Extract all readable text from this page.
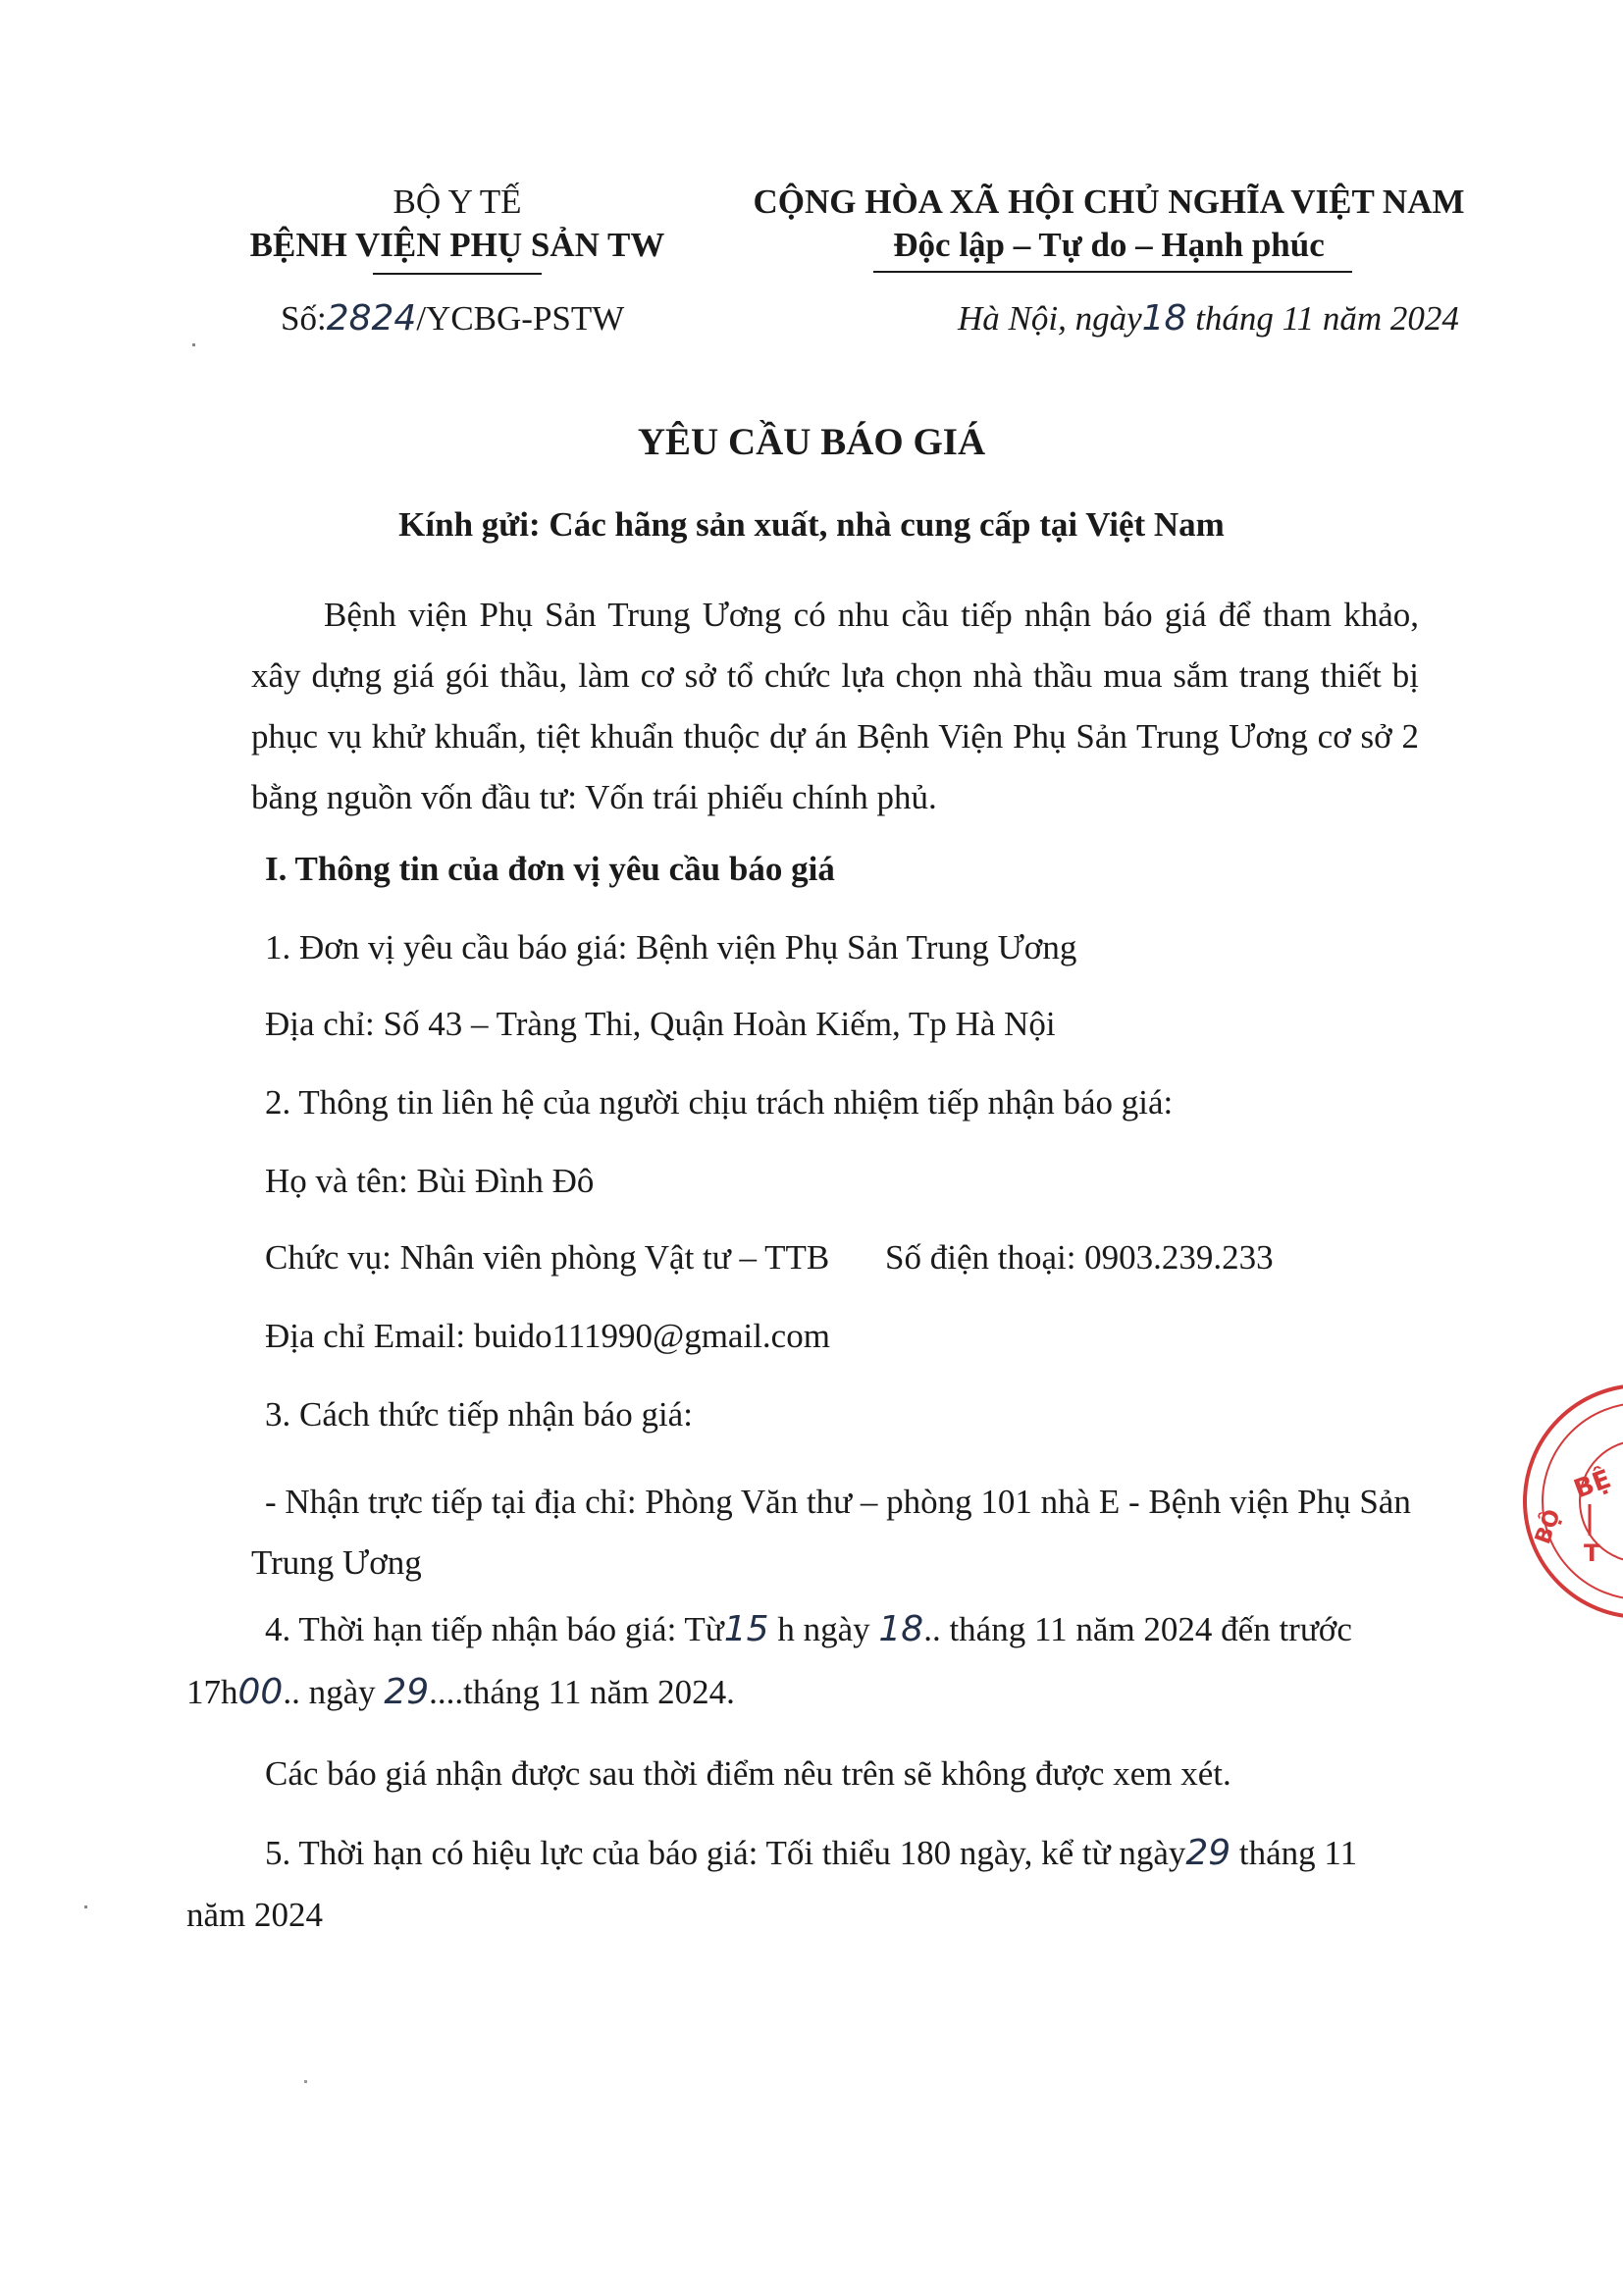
BỘ Y TẾ
BỆNH VIỆN PHỤ SẢN TW
Số:2824/YCBG-PSTW
CỘNG HÒA XÃ HỘI CHỦ NGHĨA VIỆT NAM
Độc lập – Tự do – Hạnh phúc
Hà Nội, ngày18 tháng 11 năm 2024
YÊU CẦU BÁO GIÁ
Kính gửi: Các hãng sản xuất, nhà cung cấp tại Việt Nam
Bệnh viện Phụ Sản Trung Ương có nhu cầu tiếp nhận báo giá để tham khảo, xây dựng giá gói thầu, làm cơ sở tổ chức lựa chọn nhà thầu mua sắm trang thiết bị phục vụ khử khuẩn, tiệt khuẩn thuộc dự án Bệnh Viện Phụ Sản Trung Ương cơ sở 2 bằng nguồn vốn đầu tư: Vốn trái phiếu chính phủ.
I. Thông tin của đơn vị yêu cầu báo giá
1. Đơn vị yêu cầu báo giá: Bệnh viện Phụ Sản Trung Ương
Địa chỉ: Số 43 – Tràng Thi, Quận Hoàn Kiếm, Tp Hà Nội
2. Thông tin liên hệ của người chịu trách nhiệm tiếp nhận báo giá:
Họ và tên: Bùi Đình Đô
Chức vụ: Nhân viên phòng Vật tư – TTB Số điện thoại: 0903.239.233
Địa chỉ Email: buido111990@gmail.com
3. Cách thức tiếp nhận báo giá:
- Nhận trực tiếp tại địa chỉ: Phòng Văn thư – phòng 101 nhà E - Bệnh viện Phụ Sản Trung Ương
4. Thời hạn tiếp nhận báo giá: Từ15 h ngày 18.. tháng 11 năm 2024 đến trước
17h00.. ngày 29....tháng 11 năm 2024.
Các báo giá nhận được sau thời điểm nêu trên sẽ không được xem xét.
5. Thời hạn có hiệu lực của báo giá: Tối thiểu 180 ngày, kể từ ngày29 tháng 11
năm 2024
BỆ
BỘ
T
